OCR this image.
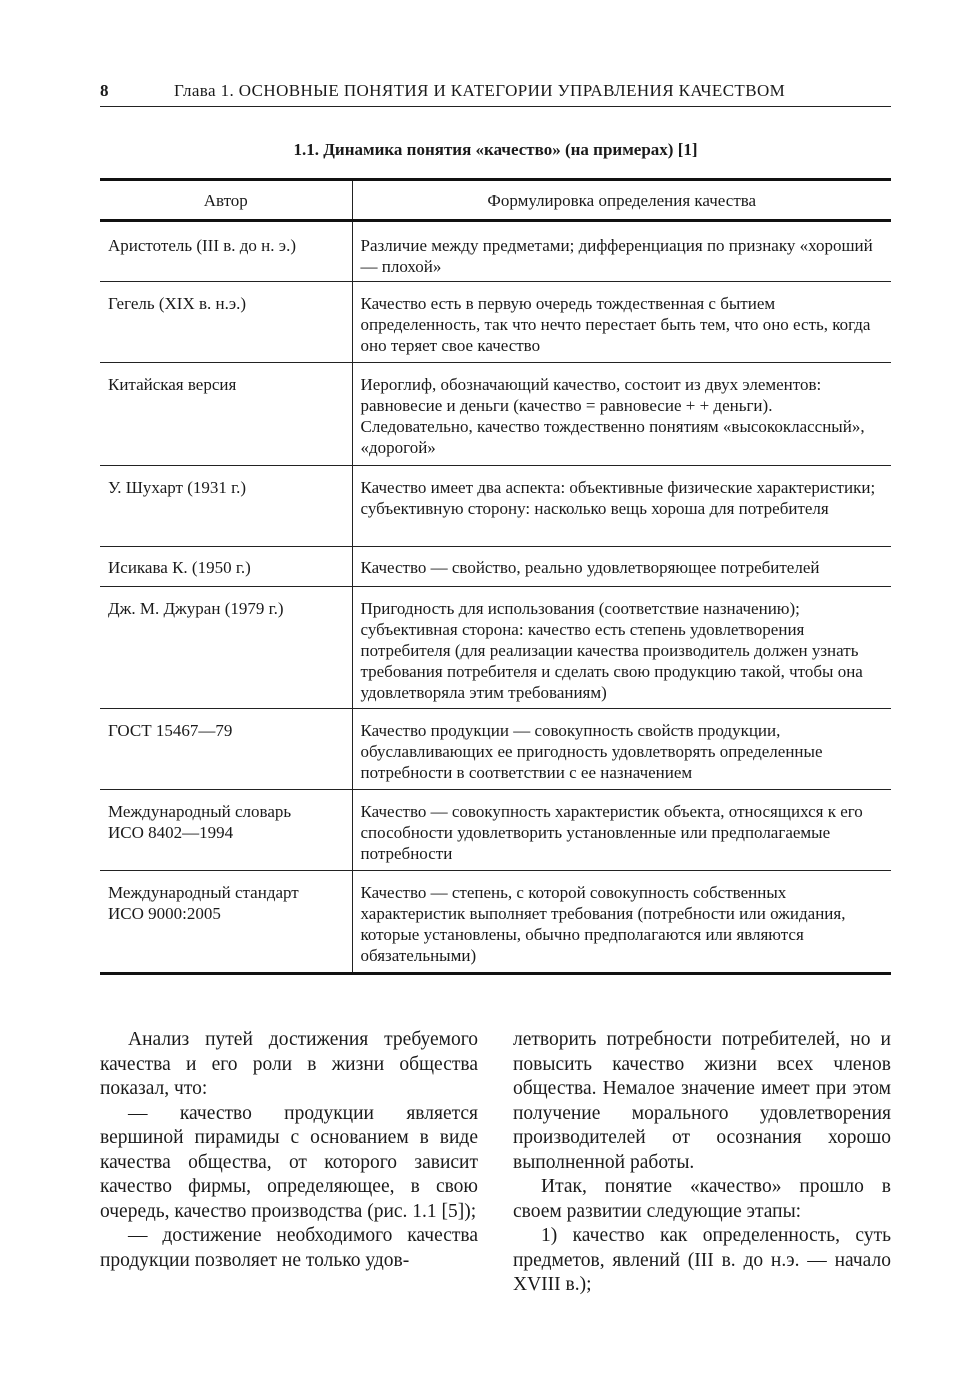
8	Глава 1. ОСНОВНЫЕ ПОНЯТИЯ И КАТЕГОРИИ УПРАВЛЕНИЯ КАЧЕСТВОМ
1.1. Динамика понятия «качество» (на примерах) [1]
Автор	Формулировка определения качества

Аристотель (III в. до н. э.)	Различие между предметами; дифференциация по признаку «хороший — плохой»

Гегель (XIX в. н.э.)	Качество есть в первую очередь тождественная с бытием определенность, так что нечто перестает быть тем, что оно есть, когда оно теряет свое качество

Китайская версия	Иероглиф, обозначающий качество, состоит из двух элементов: равновесие и деньги (качество = равновесие + + деньги). Следовательно, качество тождественно понятиям «высококлассный», «дорогой»

У. Шухарт (1931 г.)	Качество имеет два аспекта: объективные физические характеристики; субъективную сторону: насколько вещь хороша для потребителя

Исикава К. (1950 г.)	Качество — свойство, реально удовлетворяющее потребителей

Дж. М. Джуран (1979 г.)	Пригодность для использования (соответствие назначению); субъективная сторона: качество есть степень удовлетворения потребителя (для реализации качества производитель должен узнать требования потребителя и сделать свою продукцию такой, чтобы она удовлетворяла этим требованиям)

ГОСТ 15467—79	Качество продукции — совокупность свойств продукции, обуславливающих ее пригодность удовлетворять определенные потребности в соответствии с ее назначением

Международный словарь
ИСО 8402—1994	Качество — совокупность характеристик объекта, относящихся к его способности удовлетворить установленные или предполагаемые потребности

Международный стандарт
ИСО 9000:2005	Качество — степень, с которой совокупность собственных характеристик выполняет требования (потребности или ожидания, которые установлены, обычно предполагаются или являются обязательными)

Анализ путей достижения требуемого качества и его роли в жизни общества показал, что:

— качество продукции является вершиной пирамиды с основанием в виде качества общества, от которого зависит качество фирмы, определяющее, в свою очередь, качество производства (рис. 1.1 [5]);

— достижение необходимого качества продукции позволяет не только удов-

летворить потребности потребителей, но и повысить качество жизни всех членов общества. Немалое значение имеет при этом получение морального удовлетворения производителей от осознания хорошо выполненной работы.

Итак, понятие «качество» прошло в своем развитии следующие этапы:

1) качество как определенность, суть предметов, явлений (III в. до н.э. — начало XVIII в.);
